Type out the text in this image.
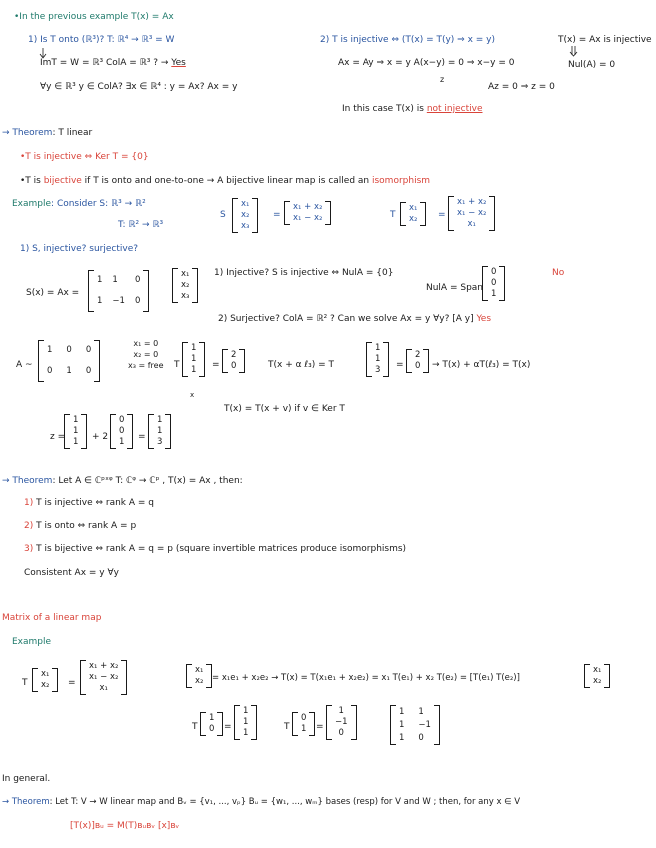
•In the previous example T(x) = Ax
1) Is T onto (ℝ³)? T: ℝ⁴ → ℝ³ = W
ImT = W = ℝ³ ColA = ℝ³ ? → Yes
∀y ∈ ℝ³ y ∈ ColA? ∃x ∈ ℝ⁴ : y = Ax? Ax = y
2) T is injective ⇔ (T(x) = T(y) ⇒ x = y)	T(x) = Ax is injective
Ax = Ay ⇒ x = y A(x−y) = 0 ⇒ x−y = 0	Nul(A) = 0
z
Az = 0 ⇒ z = 0
In this case T(x) is not injective
→ Theorem: T linear
•T is injective ⇔ Ker T = {0}
•T is bijective if T is onto and one-to-one → A bijective linear map is called an isomorphism
Example: Consider S: ℝ³ → ℝ²
T: ℝ² → ℝ³
S
x₁
x₂
x₃
=
x₁ + x₂
x₁ − x₂	T
x₁
x₂ =
x₁ + x₂
x₁ − x₂
x₁
1) S, injective? surjective?
S(x) = Ax =
1 1	0
1 −1 0
x₁
x₂
x₃
1) Injective? S is injective ⇔ NulA = {0}
NulA = Span
0
0
1
No
2) Surjective? ColA = ℝ² ? Can we solve Ax = y ∀y? [A y] Yes
A ~
1 0 0
0 1 0
x₁ = 0
x₂ = 0
x₃ = free T
1
1
1 =
2
0
x
T(x + α ℓ₃) = T
1
1
3 =
2
0 → T(x) + αT(ℓ₃) = T(x)
T(x) = T(x + v) if v ∈ Ker T
z =
1
1
1 + 2
0
0
1 =
1
1
3
→ Theorem: Let A ∈ ℂᵖˣᵠ T: ℂᵠ → ℂᵖ , T(x) = Ax , then:
1) T is injective ⇔ rank A = q
2) T is onto ⇔ rank A = p
3) T is bijective ⇔ rank A = q = p (square invertible matrices produce isomorphisms)
Consistent Ax = y ∀y
Matrix of a linear map
Example
T
x₁
x₂ =
x₁ + x₂
x₁ − x₂
x₁
x₁
x₂ = x₁e₁ + x₂e₂ → T(x) = T(x₁e₁ + x₂e₂) = x₁ T(e₁) + x₂ T(e₂) = [T(e₁) T(e₂)]
x₁
x₂
T
1
0 =
1
1
1
T
0
1 =
1
−1
0
1 1
1 −1
1 0
In general.
→ Theorem: Let T: V → W linear map and Bᵥ = {v₁, ..., vₚ} Bᵤ = {w₁, ..., wₘ} bases (resp) for V and W ; then, for any x ∈ V
[T(x)]ʙᵤ = M(T)ʙᵤʙᵥ [x]ʙᵥ
